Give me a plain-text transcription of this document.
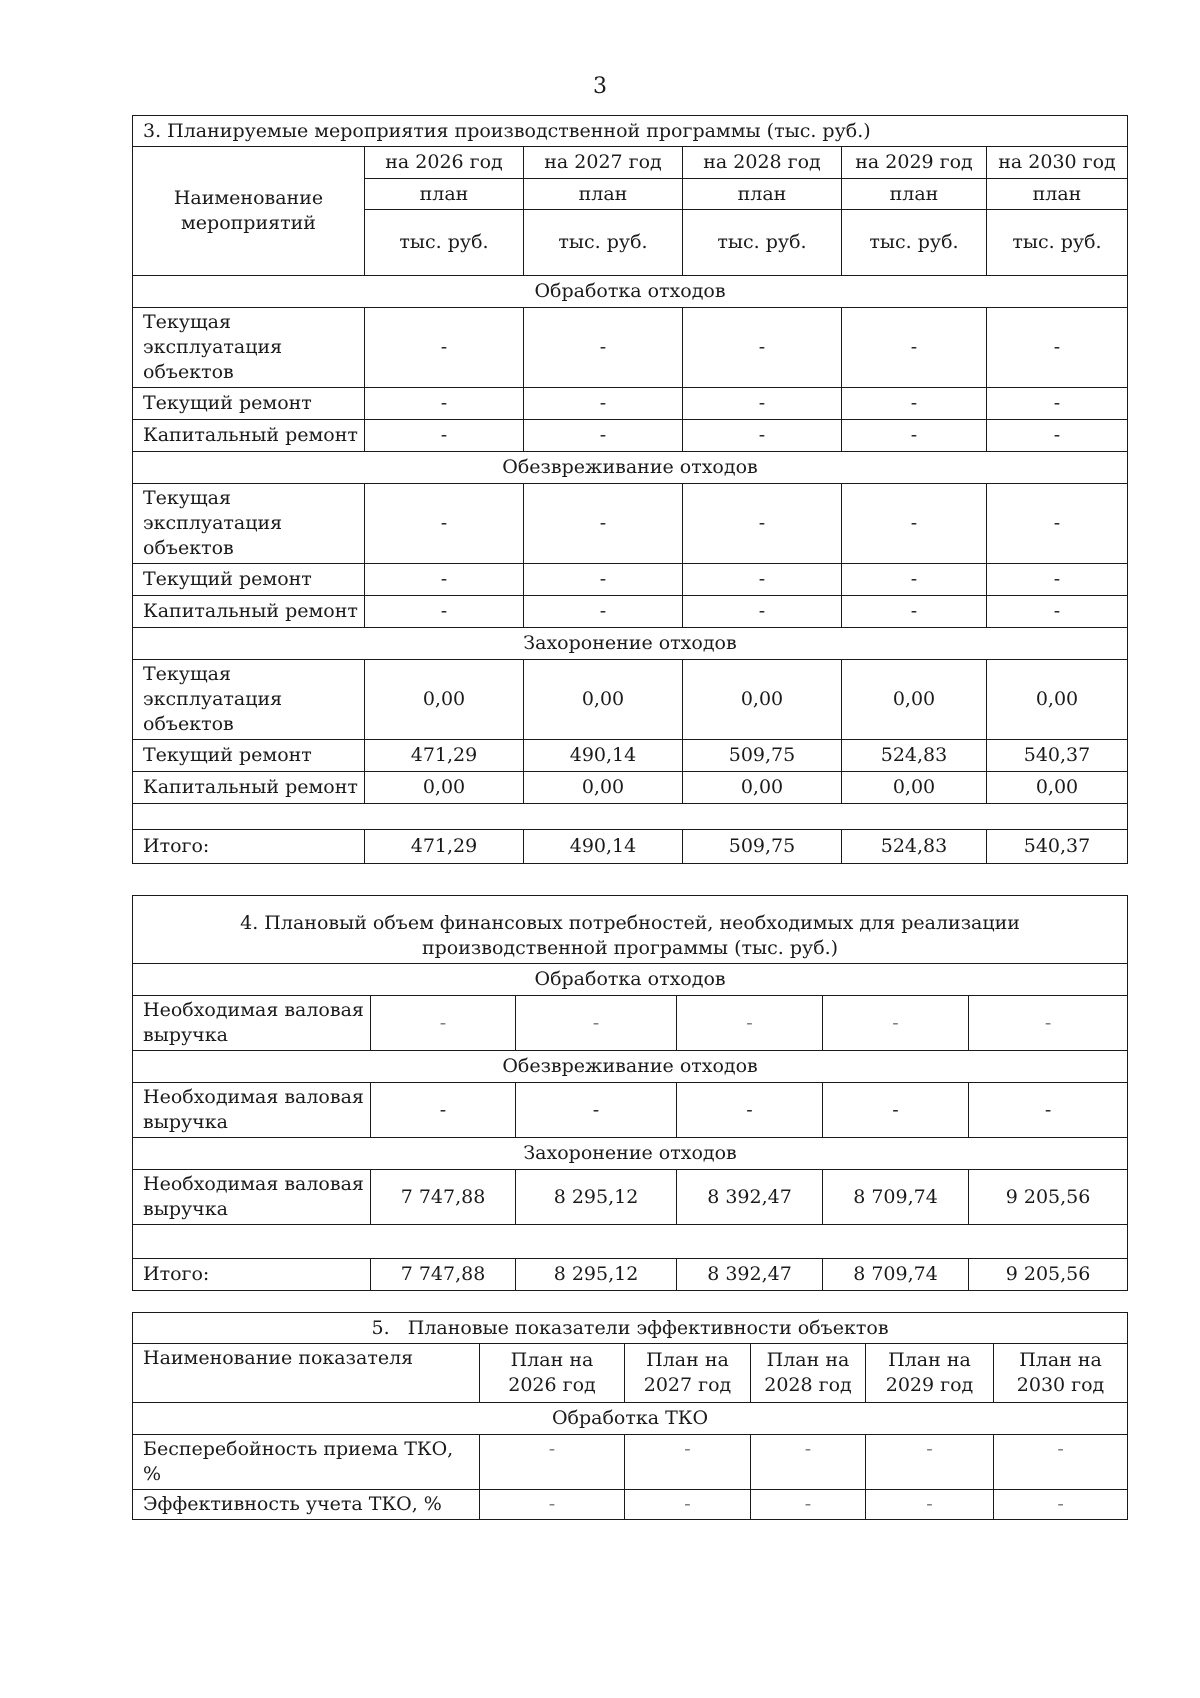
3
3. Планируемые мероприятия производственной программы (тыс. руб.)					
Наименование мероприятий	на 2026 год	на 2027 год	на 2028 год	на 2029 год	на 2030 год
	план	план	план	план	план
	тыс. руб.	тыс. руб.	тыс. руб.	тыс. руб.	тыс. руб.
Обработка отходов					
Текущая эксплуатация объектов	-	-	-	-	-
Текущий ремонт	-	-	-	-	-
Капитальный ремонт	-	-	-	-	-
Обезвреживание отходов					
Текущая эксплуатация объектов	-	-	-	-	-
Текущий ремонт	-	-	-	-	-
Капитальный ремонт	-	-	-	-	-
Захоронение отходов					
Текущая эксплуатация объектов	0,00	0,00	0,00	0,00	0,00
Текущий ремонт	471,29	490,14	509,75	524,83	540,37
Капитальный ремонт	0,00	0,00	0,00	0,00	0,00

Итого:	471,29	490,14	509,75	524,83	540,37
4. Плановый объем финансовых потребностей, необходимых для реализации производственной программы (тыс. руб.)					
Обработка отходов					
Необходимая валовая выручка	-	-	-	-	-
Обезвреживание отходов					
Необходимая валовая выручка	-	-	-	-	-
Захоронение отходов					
Необходимая валовая выручка	7 747,88	8 295,12	8 392,47	8 709,74	9 205,56

Итого:	7 747,88	8 295,12	8 392,47	8 709,74	9 205,56
5.   Плановые показатели эффективности объектов					
Наименование показателя	План на 2026 год	План на 2027 год	План на 2028 год	План на 2029 год	План на 2030 год
Обработка ТКО					
Бесперебойность приема ТКО, %	-	-	-	-	-
Эффективность учета ТКО, %	-	-	-	-	-
